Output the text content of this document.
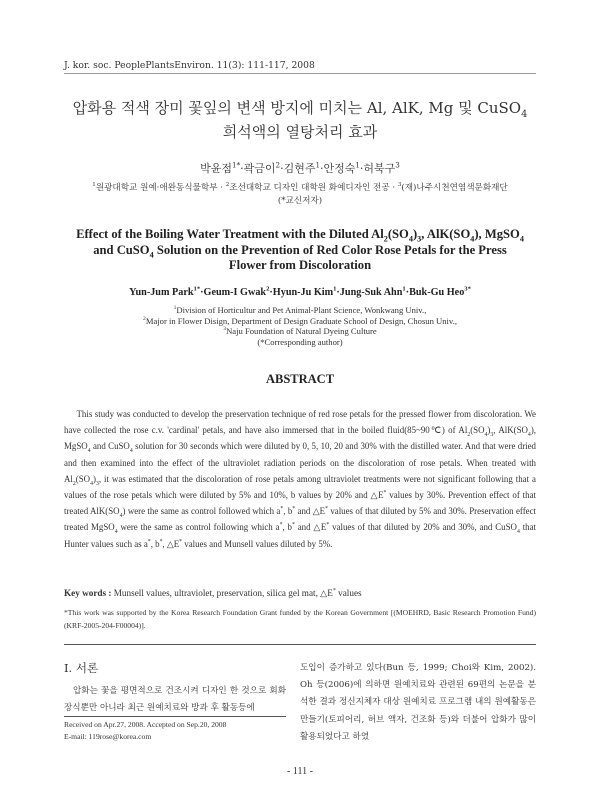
J. kor. soc. PeoplePlantsEnviron. 11(3): 111-117, 2008
압화용 적색 장미 꽃잎의 변색 방지에 미치는 Al, AlK, Mg 및 CuSO$_4$
희석액의 열탕처리 효과
박윤점$^{1*}$·곽금이$^2$·김현주$^1$·안정숙$^1$·허북구$^3$
$^1$원광대학교 원예·애완동식물학부 · $^2$조선대학교 디자인 대학원 화예디자인 전공 · $^3$(재)나주시천연염색문화재단
(*교신저자)
Effect of the Boiling Water Treatment with the Diluted $Al_2(SO_4)_3$, $AlK(SO_4)$, MgSO$_4$
and CuSO$_4$ Solution on the Prevention of Red Color Rose Petals for the Press
Flower from Discoloration
Yun-Jum Park$^{1*}$·Geum-I Gwak$^2$·Hyun-Ju Kim$^1$·Jung-Suk Ahn$^1$·Buk-Gu Heo$^{3*}$
$^1$Division of Horticultur and Pet Animal-Plant Science, Wonkwang Univ.,
$^2$Major in Flower Disign, Department of Design Graduate School of Design, Chosun Univ.,
$^3$Naju Foundation of Natural Dyeing Culture
(*Corresponding author)
ABSTRACT
This study was conducted to develop the preservation technique of red rose petals for the pressed flower from discoloration. We have collected the rose c.v. 'cardinal' petals, and have also immersed that in the boiled fluid(85~90℃) of $Al_2(SO_4)_3$, $AlK(SO_4)$, MgSO$_4$ and CuSO$_4$ solution for 30 seconds which were diluted by 0, 5, 10, 20 and 30% with the distilled water. And that were dried and then examined into the effect of the ultraviolet radiation periods on the discoloration of rose petals. When treated with $Al_2(SO_4)_3$, it was estimated that the discoloration of rose petals among ultraviolet treatments were not significant following that a values of the rose petals which were diluted by 5% and 10%, b values by 20% and △E* values by 30%. Prevention effect of that treated $AlK(SO_4)$ were the same as control followed which a*, b* and △E* values of that diluted by 5% and 30%. Preservation effect treated MgSO$_4$ were the same as control following which a*, b* and △E* values of that diluted by 20% and 30%, and CuSO$_4$ that Hunter values such as a*, b*, △E* values and Munsell values diluted by 5%.
Key words : Munsell values, ultraviolet, preservation, silica gel mat, △E* values
*This work was supported by the Korea Research Foundation Grant funded by the Korean Government [(MOEHRD, Basic Research Promotion Fund) (KRF-2005-204-F00004)].
Ⅰ. 서론

압화는 꽃을 평면적으로 건조시켜 디자인 한 것으로 회화장식뿐만 아니라 최근 원예치료와 방과 후 활동등에

Received on Apr.27, 2008. Accepted on Sep.20, 2008
E-mail: 119rose@korea.com

도입이 증가하고 있다(Bun 등, 1999; Choi와 Kim, 2002). Oh 등(2006)에 의하면 원예치료와 관련된 69편의 논문을 분석한 결과 정신지체자 대상 원예치료 프로그램 내의 원예활동은 만들기(토피어리, 허브 액자, 건조화 등)와 더불어 압화가 많이 활용되었다고 하였

- 111 -
